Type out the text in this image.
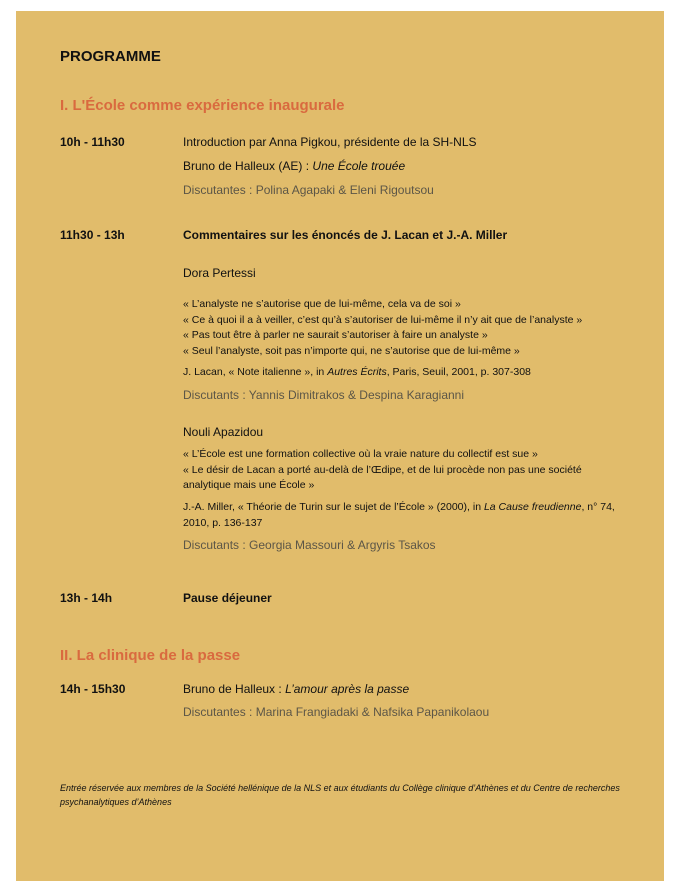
PROGRAMME
I. L'École comme expérience inaugurale
10h - 11h30	Introduction par Anna Pigkou, présidente de la SH-NLS
Bruno de Halleux (AE) : Une École trouée
Discutantes : Polina Agapaki & Eleni Rigoutsou
11h30 - 13h	Commentaires sur les énoncés de J. Lacan et J.-A. Miller
Dora Pertessi
« L’analyste ne s’autorise que de lui-même, cela va de soi »
« Ce à quoi il a à veiller, c’est qu’à s’autoriser de lui-même il n’y ait que de l’analyste »
« Pas tout être à parler ne saurait s’autoriser à faire un analyste »
« Seul l’analyste, soit pas n’importe qui, ne s’autorise que de lui-même »
J. Lacan, « Note italienne », in Autres Écrits, Paris, Seuil, 2001, p. 307-308
Discutants : Yannis Dimitrakos & Despina Karagianni
Nouli Apazidou
« L’École est une formation collective où la vraie nature du collectif est sue »
« Le désir de Lacan a porté au-delà de l’Œdipe, et de lui procède non pas une société analytique mais une École »
J.-A. Miller, « Théorie de Turin sur le sujet de l’École » (2000), in La Cause freudienne, n° 74, 2010, p. 136-137
Discutants : Georgia Massouri & Argyris Tsakos
13h - 14h	Pause déjeuner
II. La clinique de la passe
14h - 15h30	Bruno de Halleux : L’amour après la passe
Discutantes : Marina Frangiadaki & Nafsika Papanikolaou
Entrée réservée aux membres de la Société hellénique de la NLS et aux étudiants du Collège clinique d’Athènes et du Centre de recherches psychanalytiques d’Athènes
